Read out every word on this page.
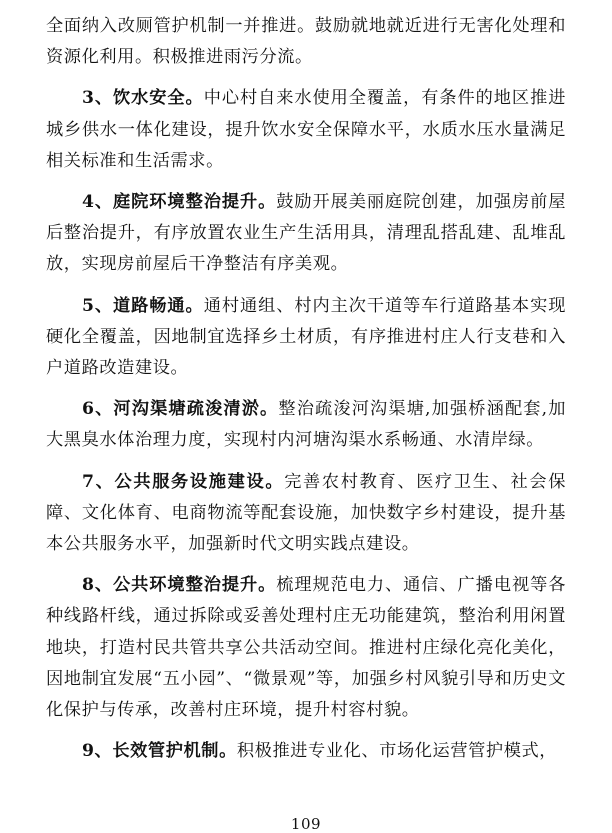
全面纳入改厕管护机制一并推进。鼓励就地就近进行无害化处理和资源化利用。积极推进雨污分流。

3、饮水安全。中心村自来水使用全覆盖，有条件的地区推进城乡供水一体化建设，提升饮水安全保障水平，水质水压水量满足相关标准和生活需求。

4、庭院环境整治提升。鼓励开展美丽庭院创建，加强房前屋后整治提升，有序放置农业生产生活用具，清理乱搭乱建、乱堆乱放，实现房前屋后干净整洁有序美观。

5、道路畅通。通村通组、村内主次干道等车行道路基本实现硬化全覆盖，因地制宜选择乡土材质，有序推进村庄人行支巷和入户道路改造建设。

6、河沟渠塘疏浚清淤。整治疏浚河沟渠塘,加强桥涵配套,加大黑臭水体治理力度，实现村内河塘沟渠水系畅通、水清岸绿。

7、公共服务设施建设。完善农村教育、医疗卫生、社会保障、文化体育、电商物流等配套设施，加快数字乡村建设，提升基本公共服务水平，加强新时代文明实践点建设。

8、公共环境整治提升。梳理规范电力、通信、广播电视等各种线路杆线，通过拆除或妥善处理村庄无功能建筑，整治利用闲置地块，打造村民共管共享公共活动空间。推进村庄绿化亮化美化，因地制宜发展“五小园”、“微景观”等，加强乡村风貌引导和历史文化保护与传承，改善村庄环境，提升村容村貌。

9、长效管护机制。积极推进专业化、市场化运营管护模式，

109
